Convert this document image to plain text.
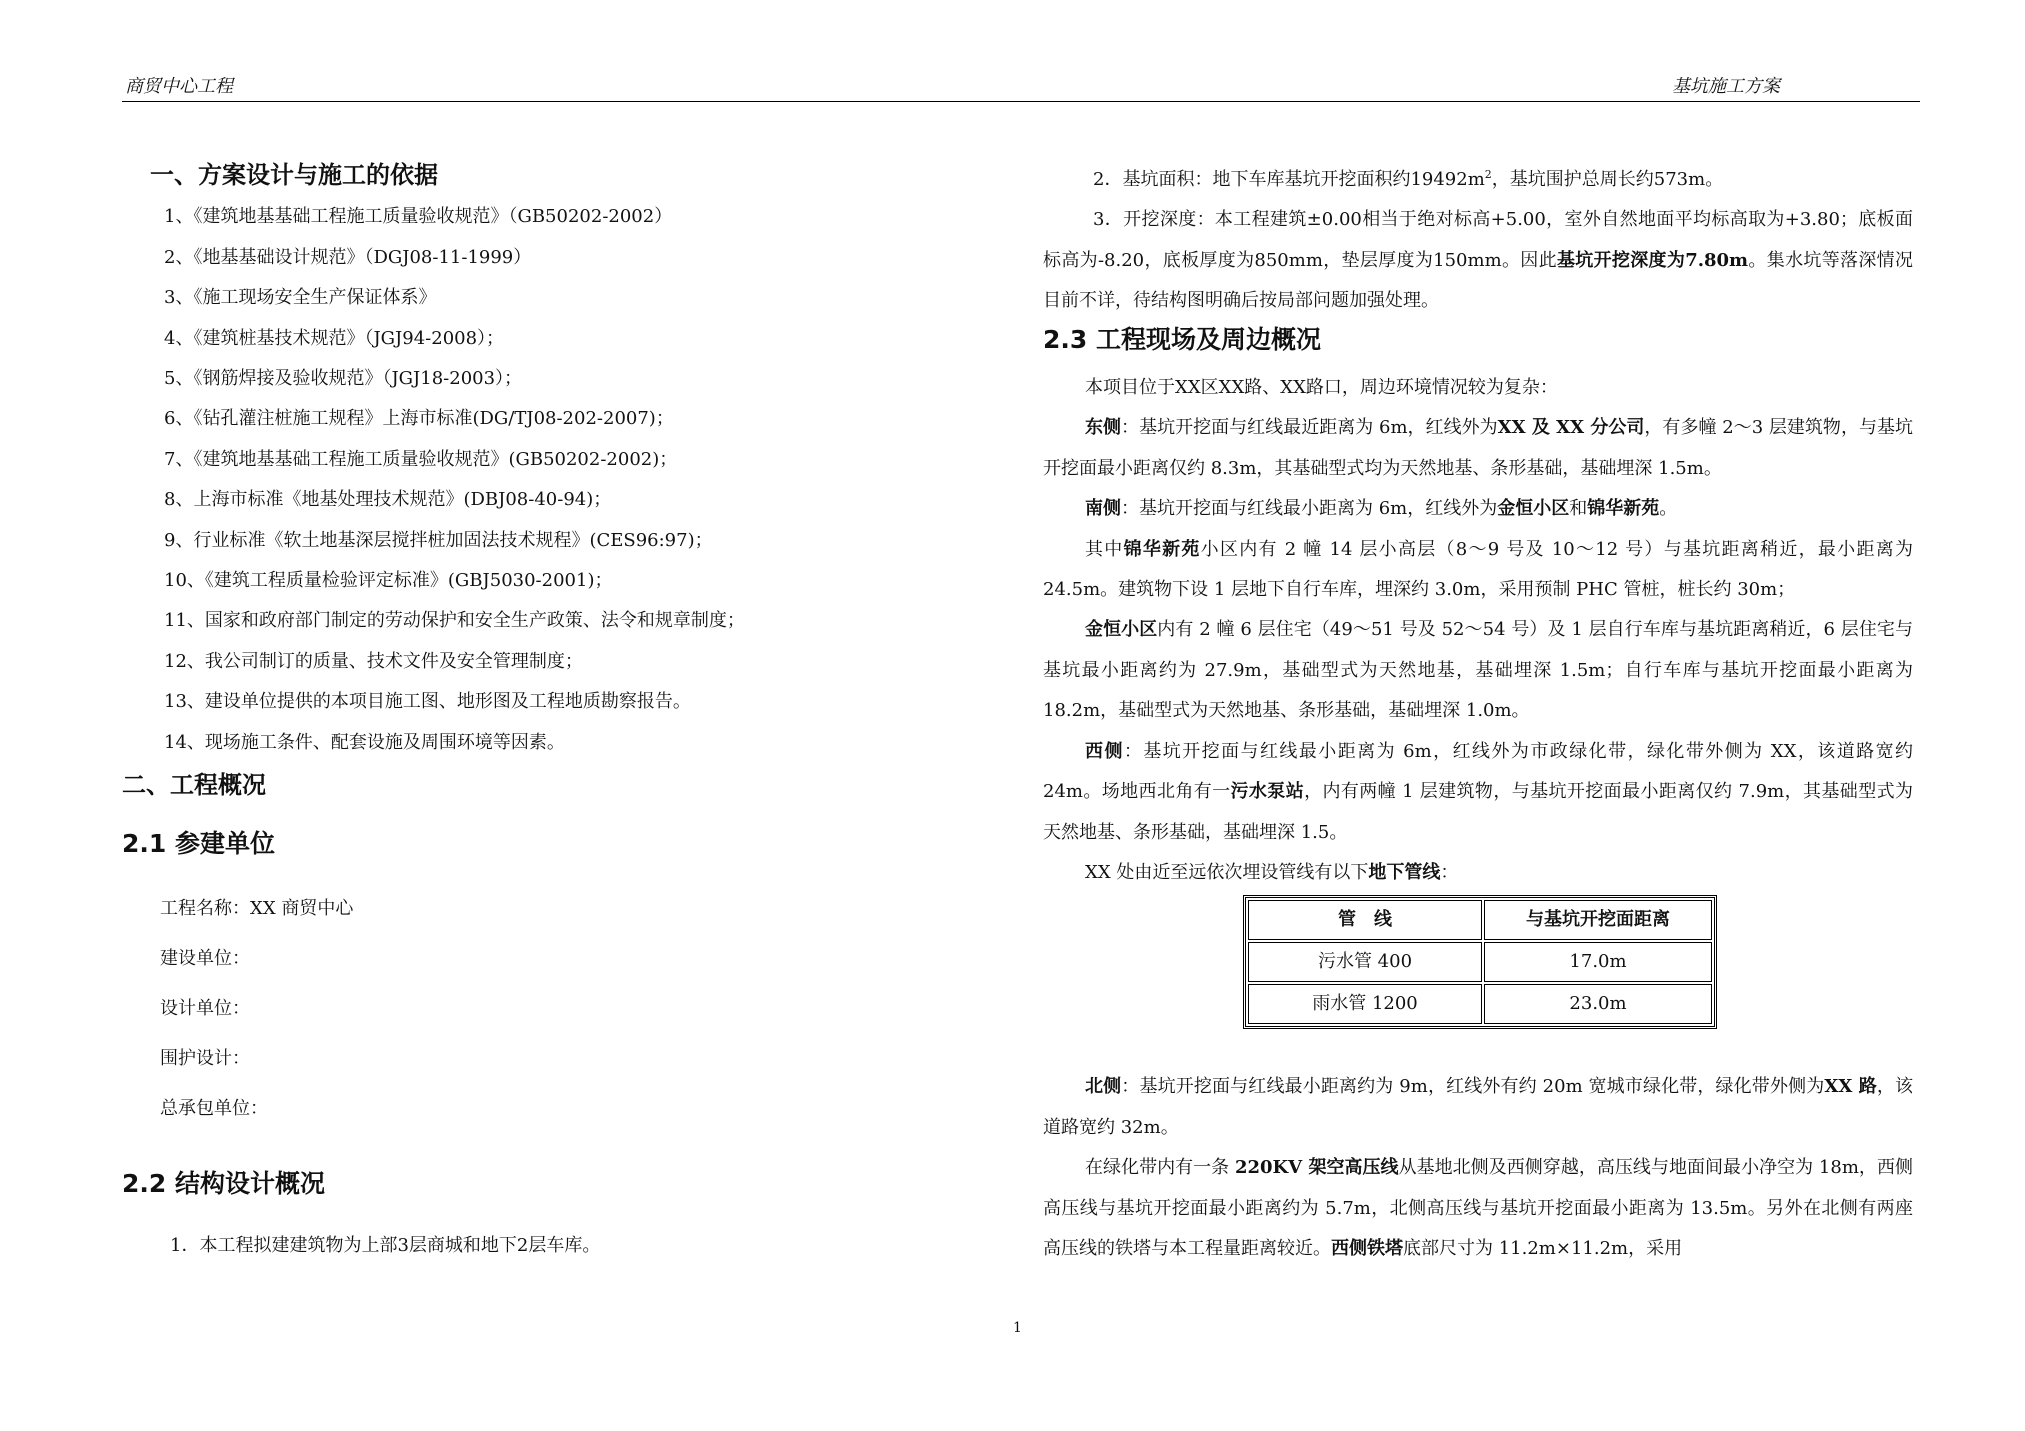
商贸中心工程	基坑施工方案

一、方案设计与施工的依据

1、《建筑地基基础工程施工质量验收规范》（GB50202-2002）

2、《地基基础设计规范》（DGJ08-11-1999）

3、《施工现场安全生产保证体系》

4、《建筑桩基技术规范》（JGJ94-2008）；

5、《钢筋焊接及验收规范》（JGJ18-2003）；

6、《钻孔灌注桩施工规程》上海市标准(DG/TJ08-202-2007)；

7、《建筑地基基础工程施工质量验收规范》(GB50202-2002)；

8、上海市标准《地基处理技术规范》(DBJ08-40-94)；

9、行业标准《软土地基深层搅拌桩加固法技术规程》(CES96:97)；

10、《建筑工程质量检验评定标准》(GBJ5030-2001)；

11、国家和政府部门制定的劳动保护和安全生产政策、法令和规章制度；

12、我公司制订的质量、技术文件及安全管理制度；

13、建设单位提供的本项目施工图、地形图及工程地质勘察报告。

14、现场施工条件、配套设施及周围环境等因素。

二、工程概况

2.1 参建单位

工程名称：XX 商贸中心

建设单位：

设计单位：

围护设计：

总承包单位：

2.2 结构设计概况

1．本工程拟建建筑物为上部3层商城和地下2层车库。

2．基坑面积：地下车库基坑开挖面积约$19492m^2$，基坑围护总周长约573m。

3．开挖深度：本工程建筑±0.00相当于绝对标高+5.00，室外自然地面平均标高取为+3.80；底板面标高为-8.20，底板厚度为850mm，垫层厚度为150mm。因此基坑开挖深度为7.80m。集水坑等落深情况目前不详，待结构图明确后按局部问题加强处理。

2.3 工程现场及周边概况

本项目位于XX区XX路、XX路口，周边环境情况较为复杂：

东侧：基坑开挖面与红线最近距离为 6m，红线外为XX 及 XX 分公司，有多幢 2～3 层建筑物，与基坑开挖面最小距离仅约 8.3m，其基础型式均为天然地基、条形基础，基础埋深 1.5m。

南侧：基坑开挖面与红线最小距离为 6m，红线外为金恒小区和锦华新苑。

其中锦华新苑小区内有 2 幢 14 层小高层（8～9 号及 10～12 号）与基坑距离稍近，最小距离为 24.5m。建筑物下设 1 层地下自行车库，埋深约 3.0m，采用预制 PHC 管桩，桩长约 30m；

金恒小区内有 2 幢 6 层住宅（49～51 号及 52～54 号）及 1 层自行车库与基坑距离稍近，6 层住宅与基坑最小距离约为 27.9m，基础型式为天然地基，基础埋深 1.5m；自行车库与基坑开挖面最小距离为 18.2m，基础型式为天然地基、条形基础，基础埋深 1.0m。

西侧：基坑开挖面与红线最小距离为 6m，红线外为市政绿化带，绿化带外侧为 XX，该道路宽约 24m。场地西北角有一污水泵站，内有两幢 1 层建筑物，与基坑开挖面最小距离仅约 7.9m，其基础型式为天然地基、条形基础，基础埋深 1.5。

XX 处由近至远依次埋设管线有以下地下管线：

管　线	与基坑开挖面距离
污水管 400	17.0m
雨水管 1200	23.0m

北侧：基坑开挖面与红线最小距离约为 9m，红线外有约 20m 宽城市绿化带，绿化带外侧为XX 路，该道路宽约 32m。

在绿化带内有一条 220KV 架空高压线从基地北侧及西侧穿越，高压线与地面间最小净空为 18m，西侧高压线与基坑开挖面最小距离约为 5.7m，北侧高压线与基坑开挖面最小距离为 13.5m。另外在北侧有两座高压线的铁塔与本工程量距离较近。西侧铁塔底部尺寸为 11.2m×11.2m，采用

1
